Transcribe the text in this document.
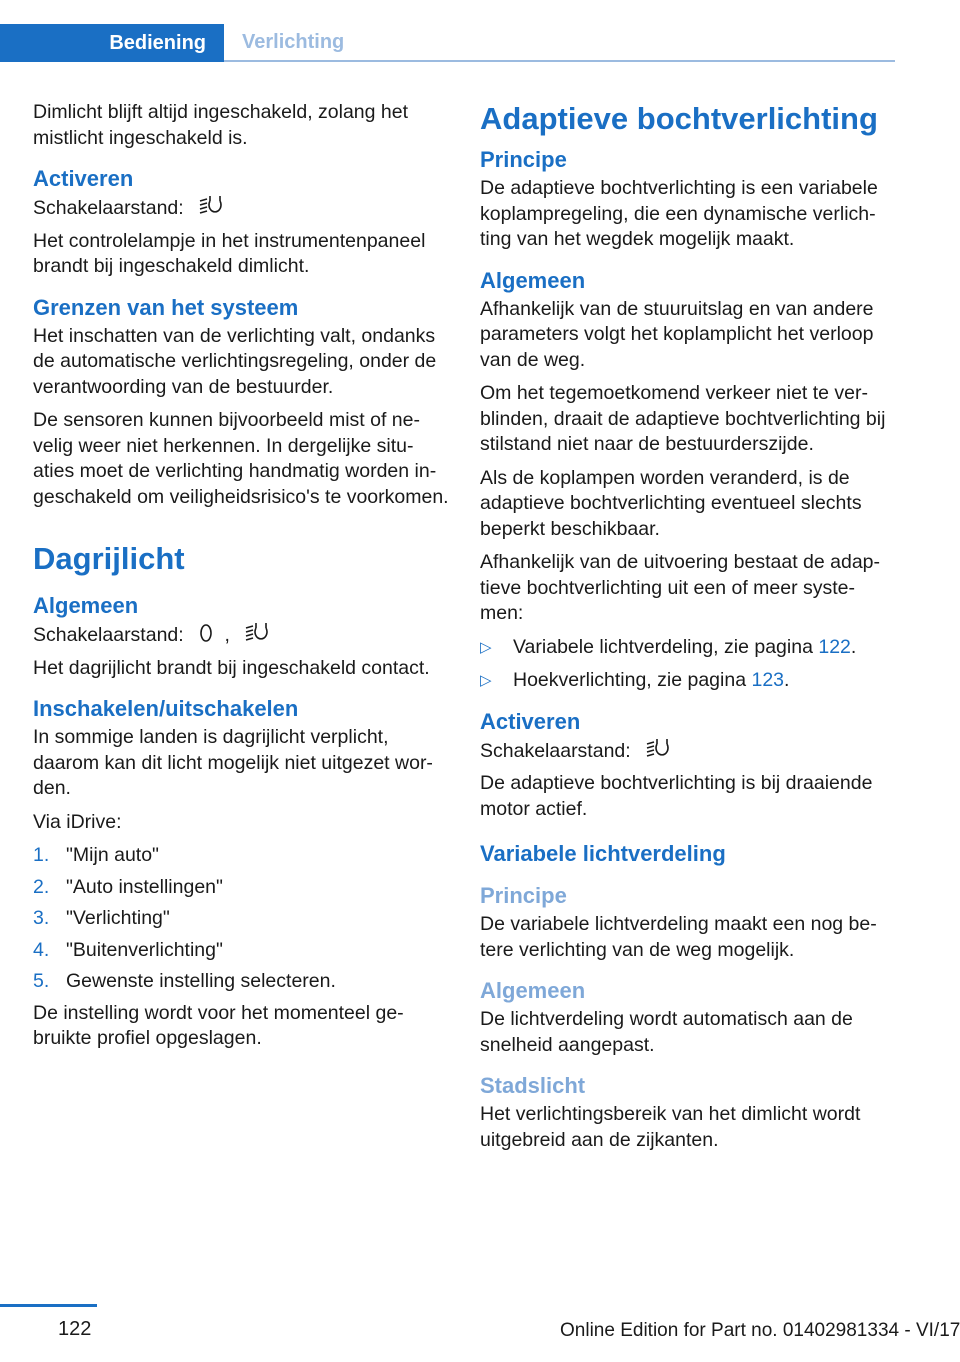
Bediening	Verlichting

Dimlicht blijft altijd ingeschakeld, zolang het mistlicht ingeschakeld is.

Activeren

Schakelaarstand:

Het controlelampje in het instrumentenpaneel brandt bij ingeschakeld dimlicht.

Grenzen van het systeem

Het inschatten van de verlichting valt, ondanks de automatische verlichtingsregeling, onder de verantwoording van de bestuurder.

De sensoren kunnen bijvoorbeeld mist of ne- velig weer niet herkennen. In dergelijke situ- aties moet de verlichting handmatig worden in- geschakeld om veiligheidsrisico's te voorkomen.

Dagrijlicht
Algemeen

Schakelaarstand: ,

Het dagrijlicht brandt bij ingeschakeld contact.

Inschakelen/uitschakelen

In sommige landen is dagrijlicht verplicht, daarom kan dit licht mogelijk niet uitgezet wor- den.

Via iDrive:

1. "Mijn auto"
2. "Auto instellingen"
3. "Verlichting"
4. "Buitenverlichting"
5. Gewenste instelling selecteren.

De instelling wordt voor het momenteel ge- bruikte profiel opgeslagen.

Adaptieve bochtverlichting
Principe

De adaptieve bochtverlichting is een variabele koplampregeling, die een dynamische verlich- ting van het wegdek mogelijk maakt.

Algemeen

Afhankelijk van de stuuruitslag en van andere parameters volgt het koplamplicht het verloop van de weg.

Om het tegemoetkomend verkeer niet te ver- blinden, draait de adaptieve bochtverlichting bij stilstand niet naar de bestuurderszijde.

Als de koplampen worden veranderd, is de adaptieve bochtverlichting eventueel slechts beperkt beschikbaar.

Afhankelijk van de uitvoering bestaat de adap- tieve bochtverlichting uit een of meer syste- men:

▷	Variabele lichtverdeling, zie pagina 122.
▷	Hoekverlichting, zie pagina 123.
Activeren

Schakelaarstand:

De adaptieve bochtverlichting is bij draaiende motor actief.

Variabele lichtverdeling
Principe

De variabele lichtverdeling maakt een nog be- tere verlichting van de weg mogelijk.

Algemeen

De lichtverdeling wordt automatisch aan de snelheid aangepast.

Stadslicht

Het verlichtingsbereik van het dimlicht wordt uitgebreid aan de zijkanten.

122	Online Edition for Part no. 01402981334 - VI/17
